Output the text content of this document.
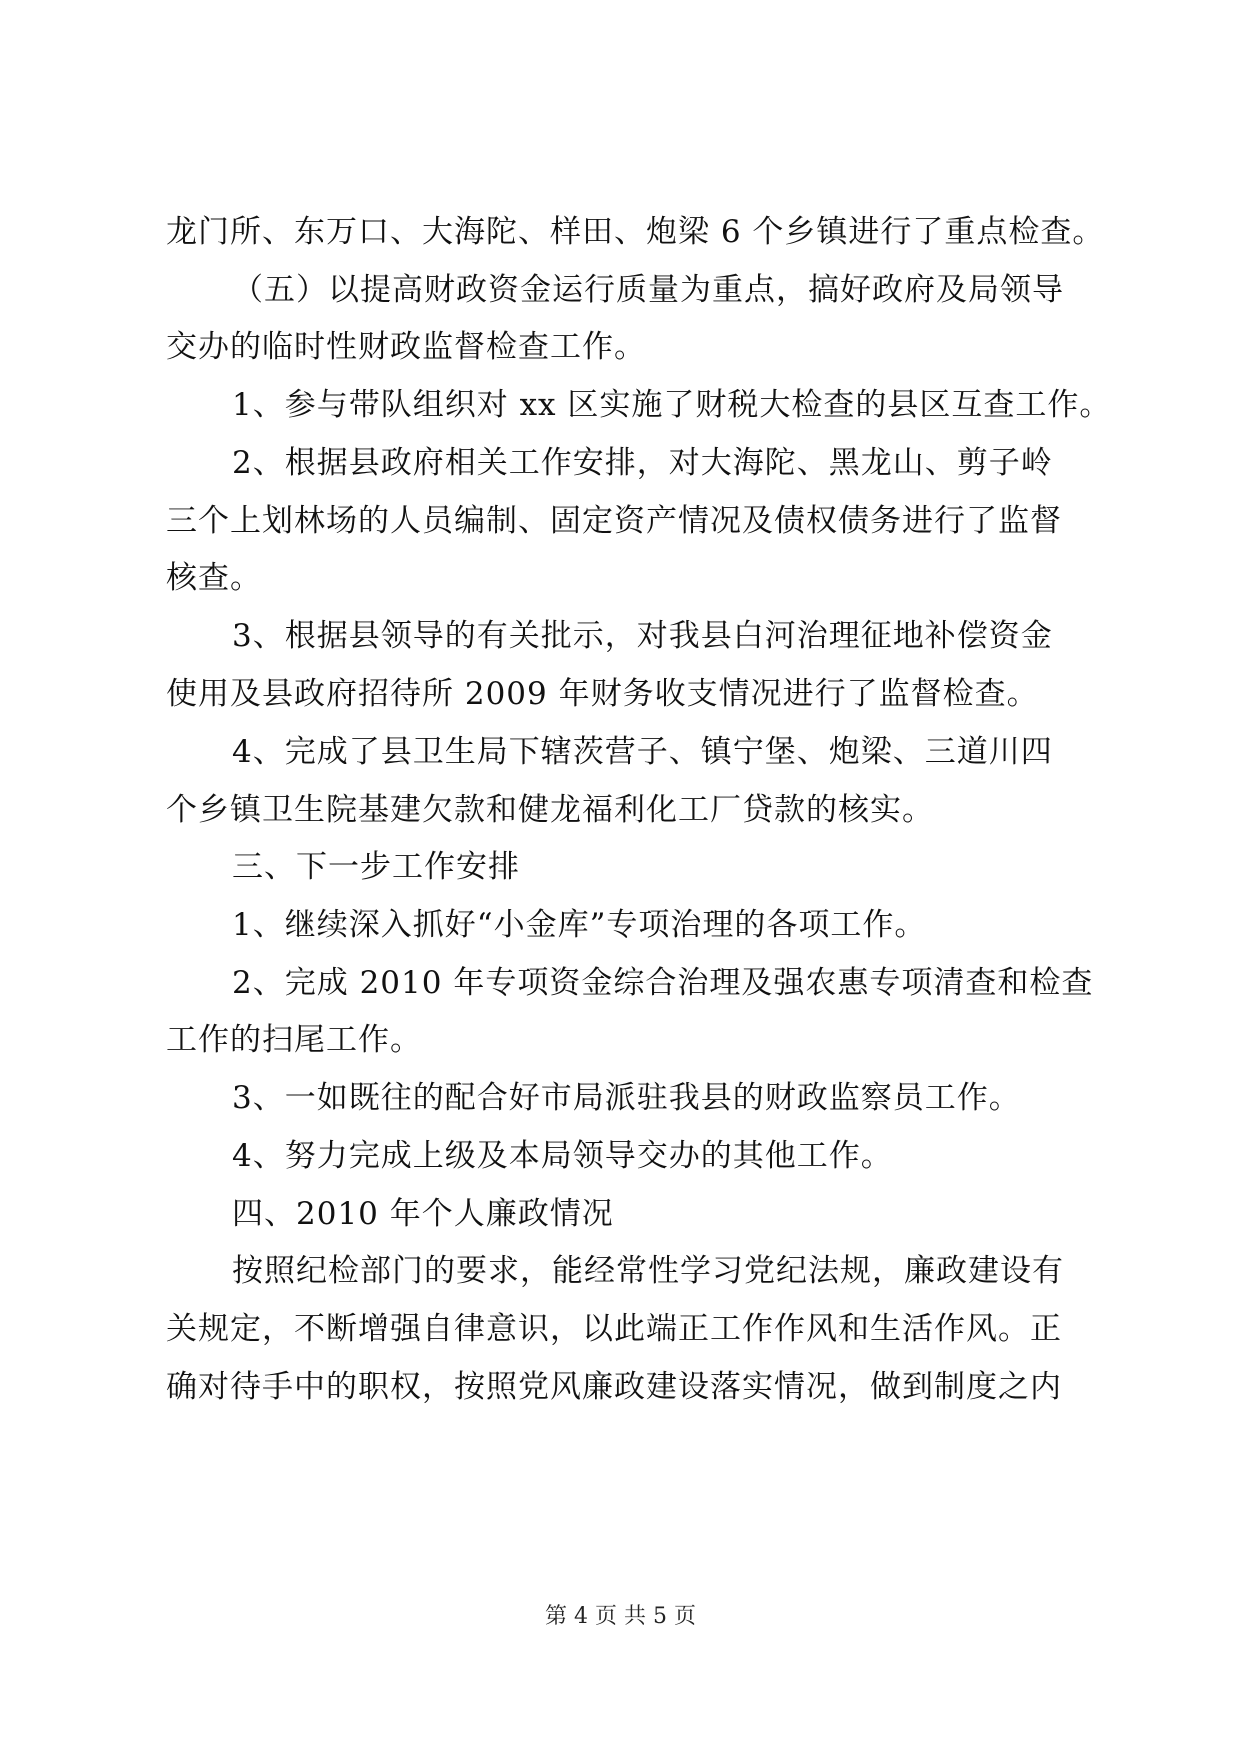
龙门所、东万口、大海陀、样田、炮梁 6 个乡镇进行了重点检查。
（五）以提高财政资金运行质量为重点，搞好政府及局领导
交办的临时性财政监督检查工作。
1、参与带队组织对 xx 区实施了财税大检查的县区互查工作。
2、根据县政府相关工作安排，对大海陀、黑龙山、剪子岭
三个上划林场的人员编制、固定资产情况及债权债务进行了监督
核查。
3、根据县领导的有关批示，对我县白河治理征地补偿资金
使用及县政府招待所 2009 年财务收支情况进行了监督检查。
4、完成了县卫生局下辖茨营子、镇宁堡、炮梁、三道川四
个乡镇卫生院基建欠款和健龙福利化工厂贷款的核实。
三、下一步工作安排
1、继续深入抓好“小金库”专项治理的各项工作。
2、完成 2010 年专项资金综合治理及强农惠专项清查和检查
工作的扫尾工作。
3、一如既往的配合好市局派驻我县的财政监察员工作。
4、努力完成上级及本局领导交办的其他工作。
四、2010 年个人廉政情况
按照纪检部门的要求，能经常性学习党纪法规，廉政建设有
关规定，不断增强自律意识，以此端正工作作风和生活作风。正
确对待手中的职权，按照党风廉政建设落实情况，做到制度之内
第 4 页 共 5 页
